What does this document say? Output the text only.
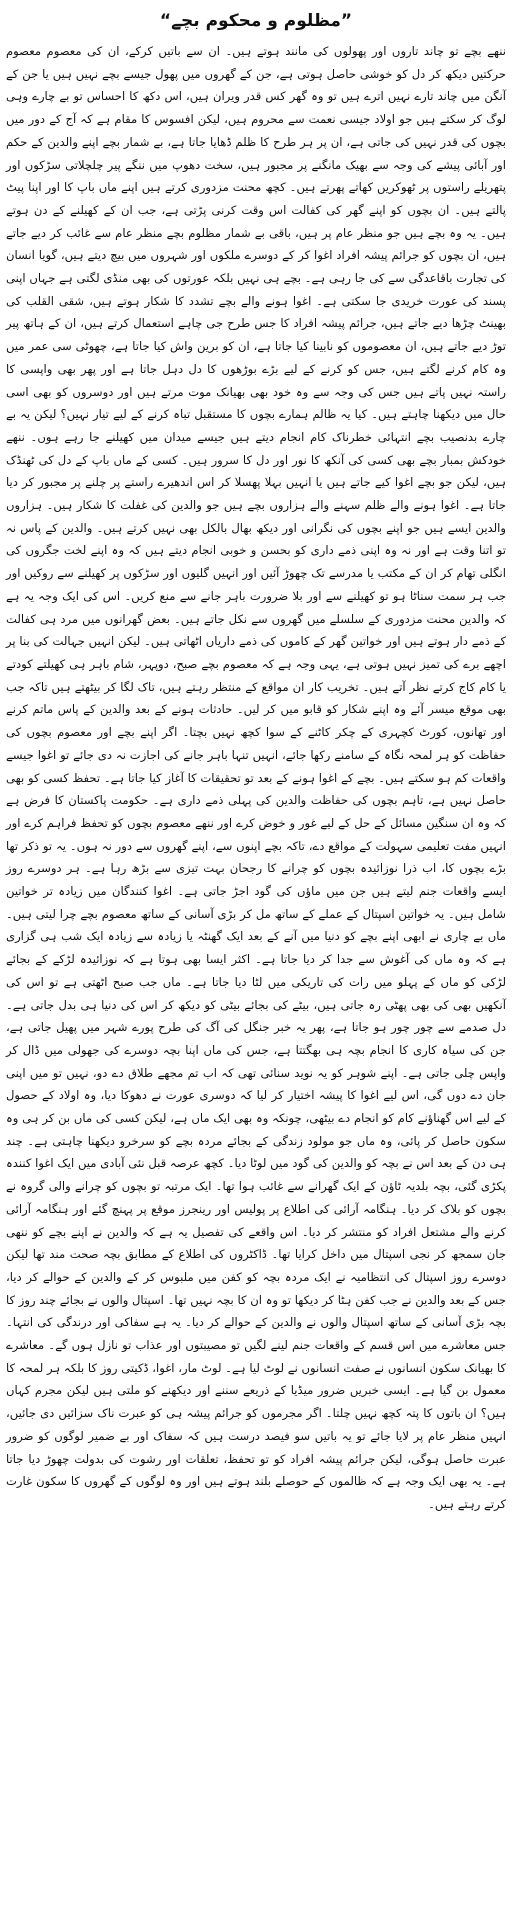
”مظلوم و محکوم بچے“

ننھے بچے تو چاند تاروں اور پھولوں کی مانند ہوتے ہیں۔ ان سے باتیں کرکے، ان کی معصوم معصوم حرکتیں دیکھ کر دل کو خوشی حاصل ہوتی ہے، جن کے گھروں میں پھول جیسے بچے نہیں ہیں یا جن کے آنگن میں چاند تارے نہیں اترے ہیں تو وہ گھر کس قدر ویران ہیں، اس دکھ کا احساس تو بے چارے وہی لوگ کر سکتے ہیں جو اولاد جیسی نعمت سے محروم ہیں، لیکن افسوس کا مقام ہے کہ آج کے دور میں بچوں کی قدر نہیں کی جاتی ہے، ان پر ہر طرح کا ظلم ڈھایا جاتا ہے، بے شمار بچے اپنے والدین کے حکم اور آبائی پیشے کی وجہ سے بھیک مانگنے پر مجبور ہیں، سخت دھوپ میں ننگے پیر چلچلاتی سڑکوں اور پتھریلے راستوں پر ٹھوکریں کھاتے پھرتے ہیں۔ کچھ محنت مزدوری کرتے ہیں اپنے ماں باپ کا اور اپنا پیٹ پالتے ہیں۔ ان بچوں کو اپنے گھر کی کفالت اس وقت کرنی پڑتی ہے، جب ان کے کھیلنے کے دن ہوتے ہیں۔ یہ وہ بچے ہیں جو منظر عام پر ہیں، باقی بے شمار مظلوم بچے منظر عام سے غائب کر دیے جاتے ہیں، ان بچوں کو جرائم پیشہ افراد اغوا کر کے دوسرے ملکوں اور شہروں میں بیچ دیتے ہیں، گویا انسان کی تجارت باقاعدگی سے کی جا رہی ہے۔ بچے ہی نہیں بلکہ عورتوں کی بھی منڈی لگتی ہے جہاں اپنی پسند کی عورت خریدی جا سکتی ہے۔ اغوا ہونے والے بچے تشدد کا شکار ہوتے ہیں، شقی القلب کی بھینٹ چڑھا دیے جاتے ہیں، جرائم پیشہ افراد کا جس طرح جی چاہے استعمال کرتے ہیں، ان کے ہاتھ پیر توڑ دیے جاتے ہیں، ان معصوموں کو نابینا کیا جاتا ہے، ان کو برین واش کیا جاتا ہے، چھوٹی سی عمر میں وہ کام کرنے لگتے ہیں، جس کو کرنے کے لیے بڑے بوڑھوں کا دل دہل جاتا ہے اور پھر بھی واپسی کا راستہ نہیں پاتے ہیں جس کی وجہ سے وہ خود بھی بھیانک موت مرتے ہیں اور دوسروں کو بھی اسی حال میں دیکھنا چاہتے ہیں۔ کیا یہ ظالم ہمارے بچوں کا مستقبل تباہ کرنے کے لیے تیار نہیں؟ لیکن یہ بے چارے بدنصیب بچے انتہائی خطرناک کام انجام دیتے ہیں جیسے میدان میں کھیلنے جا رہے ہوں۔ ننھے خودکش بمبار بچے بھی کسی کی آنکھ کا نور اور دل کا سرور ہیں۔ کسی کے ماں باپ کے دل کی ٹھنڈک ہیں، لیکن جو بچے اغوا کیے جاتے ہیں یا انہیں بہلا پھسلا کر اس اندھیرے راستے پر چلنے پر مجبور کر دیا جاتا ہے۔ اغوا ہونے والے ظلم سہنے والے ہزاروں بچے ہیں جو والدین کی غفلت کا شکار ہیں۔ ہزاروں والدین ایسے ہیں جو اپنے بچوں کی نگرانی اور دیکھ بھال بالکل بھی نہیں کرتے ہیں۔ والدین کے پاس نہ تو اتنا وقت ہے اور نہ وہ اپنی ذمے داری کو بحسن و خوبی انجام دیتے ہیں کہ وہ اپنے لخت جگروں کی انگلی تھام کر ان کے مکتب یا مدرسے تک چھوڑ آئیں اور انہیں گلیوں اور سڑکوں پر کھیلنے سے روکیں اور جب ہر سمت سناٹا ہو تو کھیلنے سے اور بلا ضرورت باہر جانے سے منع کریں۔ اس کی ایک وجہ یہ ہے کہ والدین محنت مزدوری کے سلسلے میں گھروں سے نکل جاتے ہیں۔ بعض گھرانوں میں مرد ہی کفالت کے ذمے دار ہوتے ہیں اور خواتین گھر کے کاموں کی ذمے داریاں اٹھاتی ہیں۔ لیکن انہیں جہالت کی بنا پر اچھے برے کی تمیز نہیں ہوتی ہے، یہی وجہ ہے کہ معصوم بچے صبح، دوپہر، شام باہر ہی کھیلتے کودتے یا کام کاج کرتے نظر آتے ہیں۔ تخریب کار ان مواقع کے منتظر رہتے ہیں، تاک لگا کر بیٹھتے ہیں تاکہ جب بھی موقع میسر آئے وہ اپنے شکار کو قابو میں کر لیں۔ حادثات ہونے کے بعد والدین کے پاس ماتم کرنے اور تھانوں، کورٹ کچہری کے چکر کاٹنے کے سوا کچھ نہیں بچتا۔ اگر اپنے بچے اور معصوم بچوں کی حفاظت کو ہر لمحہ نگاہ کے سامنے رکھا جائے، انہیں تنہا باہر جانے کی اجازت نہ دی جائے تو اغوا جیسے واقعات کم ہو سکتے ہیں۔ بچے کے اغوا ہونے کے بعد تو تحقیقات کا آغاز کیا جاتا ہے۔ تحفظ کسی کو بھی حاصل نہیں ہے، تاہم بچوں کی حفاظت والدین کی پہلی ذمے داری ہے۔ حکومت پاکستان کا فرض ہے کہ وہ ان سنگین مسائل کے حل کے لیے غور و خوض کرے اور ننھے معصوم بچوں کو تحفظ فراہم کرے اور انہیں مفت تعلیمی سہولت کے مواقع دے، تاکہ بچے اپنوں سے، اپنے گھروں سے دور نہ ہوں۔ یہ تو ذکر تھا بڑے بچوں کا، اب ذرا نوزائیدہ بچوں کو چرانے کا رجحان بہت تیزی سے بڑھ رہا ہے۔ ہر دوسرے روز ایسے واقعات جنم لیتے ہیں جن میں ماؤں کی گود اجڑ جاتی ہے۔ اغوا کنندگان میں زیادہ تر خواتین شامل ہیں۔ یہ خواتین اسپتال کے عملے کے ساتھ مل کر بڑی آسانی کے ساتھ معصوم بچے چرا لیتی ہیں۔ ماں بے چاری نے ابھی اپنے بچے کو دنیا میں آنے کے بعد ایک گھنٹہ یا زیادہ سے زیادہ ایک شب ہی گزاری ہے کہ وہ ماں کی آغوش سے جدا کر دیا جاتا ہے۔ اکثر ایسا بھی ہوتا ہے کہ نوزائیدہ لڑکے کے بجائے لڑکی کو ماں کے پہلو میں رات کی تاریکی میں لٹا دیا جاتا ہے۔ ماں جب صبح اٹھتی ہے تو اس کی آنکھیں بھی کی بھی پھٹی رہ جاتی ہیں، بیٹے کی بجائے بیٹی کو دیکھ کر اس کی دنیا ہی بدل جاتی ہے۔ دل صدمے سے چور چور ہو جاتا ہے، پھر یہ خبر جنگل کی آگ کی طرح پورے شہر میں پھیل جاتی ہے، جن کی سیاہ کاری کا انجام بچہ ہی بھگتتا ہے، جس کی ماں اپنا بچہ دوسرے کی جھولی میں ڈال کر واپس چلی جاتی ہے۔ اپنے شوہر کو یہ نوید سنائی تھی کہ اب تم مجھے طلاق دے دو، نہیں تو میں اپنی جان دے دوں گی، اس لیے اغوا کا پیشہ اختیار کر لیا کہ دوسری عورت نے دھوکا دیا، وہ اولاد کے حصول کے لیے اس گھناؤنے کام کو انجام دے بیٹھی، چونکہ وہ بھی ایک ماں ہے، لیکن کسی کی ماں بن کر ہی وہ سکون حاصل کر پائی، وہ ماں جو مولود زندگی کے بجائے مردہ بچے کو سرخرو دیکھنا چاہتی ہے۔ چند ہی دن کے بعد اس نے بچہ کو والدین کی گود میں لوٹا دیا۔ کچھ عرصہ قبل نئی آبادی میں ایک اغوا کنندہ پکڑی گئی، بچہ بلدیہ ٹاؤن کے ایک گھرانے سے غائب ہوا تھا۔ ایک مرتبہ تو بچوں کو چرانے والی گروہ نے بچوں کو بلاک کر دیا۔ ہنگامہ آرائی کی اطلاع پر پولیس اور رینجرز موقع پر پہنچ گئے اور ہنگامہ آرائی کرنے والے مشتعل افراد کو منتشر کر دیا۔ اس واقعے کی تفصیل یہ ہے کہ والدین نے اپنے بچے کو ننھی جان سمجھ کر نجی اسپتال میں داخل کرایا تھا۔ ڈاکٹروں کی اطلاع کے مطابق بچہ صحت مند تھا لیکن دوسرے روز اسپتال کی انتظامیہ نے ایک مردہ بچہ کو کفن میں ملبوس کر کے والدین کے حوالے کر دیا، جس کے بعد والدین نے جب کفن ہٹا کر دیکھا تو وہ ان کا بچہ نہیں تھا۔ اسپتال والوں نے بجائے چند روز کا بچہ بڑی آسانی کے ساتھ اسپتال والوں نے والدین کے حوالے کر دیا۔ یہ ہے سفاکی اور درندگی کی انتہا۔ جس معاشرے میں اس قسم کے واقعات جنم لینے لگیں تو مصیبتوں اور عذاب تو نازل ہوں گے۔ معاشرے کا بھیانک سکون انسانوں نے صفت انسانوں نے لوٹ لیا ہے۔ لوٹ مار، اغوا، ڈکیتی روز کا بلکہ ہر لمحہ کا معمول بن گیا ہے۔ ایسی خبریں ضرور میڈیا کے ذریعے سننے اور دیکھنے کو ملتی ہیں لیکن مجرم کہاں ہیں؟ ان باتوں کا پتہ کچھ نہیں چلتا۔ اگر مجرموں کو جرائم پیشہ ہی کو عبرت ناک سزائیں دی جائیں، انہیں منظر عام پر لایا جائے تو یہ باتیں سو فیصد درست ہیں کہ سفاک اور بے ضمیر لوگوں کو ضرور عبرت حاصل ہوگی، لیکن جرائم پیشہ افراد کو تو تحفظ، تعلقات اور رشوت کی بدولت چھوڑ دیا جاتا ہے۔ یہ بھی ایک وجہ ہے کہ ظالموں کے حوصلے بلند ہوتے ہیں اور وہ لوگوں کے گھروں کا سکون غارت کرتے رہتے ہیں۔
